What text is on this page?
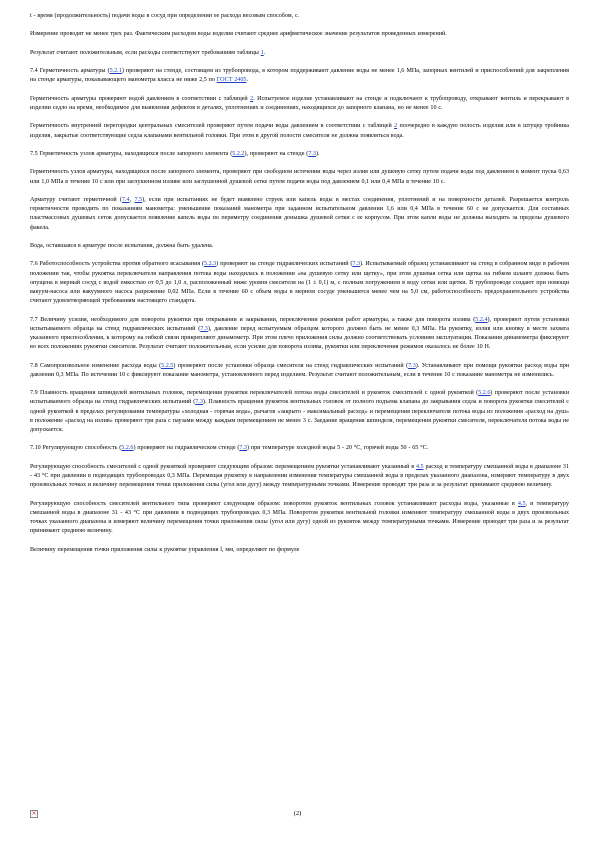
t - время (продолжительность) подачи воды в сосуд при определении ее расхода весовым способом, с.

Измерение проводят не менее трех раз. Фактическим расходом воды изделия считают среднее арифметическое значение результатов проведенных измерений.

Результат считают положительным, если расходы соответствуют требованиям таблицы 1.

7.4 Герметичность арматуры (5.2.1) проверяют на стенде, состоящем из трубопровода, в котором поддерживают давление воды не менее 1,6 МПа, запорных вентилей и приспособлений для закрепления на стенде арматуры, показывающего манометра класса не ниже 2,5 по ГОСТ 2405.

Герметичность арматуры проверяют водой давлением в соответствии с таблицей 2. Испытуемое изделие устанавливают на стенде и подключают к трубопроводу, открывают вентиль и перекрывают в изделии седло на время, необходимое для выявления дефектов в деталях, уплотнениях и соединениях, находящихся до запорного клапана, но не менее 10 с.

Герметичность внутренней перегородки центральных смесителей проверяют путем подачи воды давлением в соответствии с таблицей 2 поочередно в каждую полость изделия или в штуцер тройника изделия, закрытые соответствующие седла клапанами вентильной головки. При этом в другой полости смесителя не должна появляться вода.

7.5 Герметичность узлов арматуры, находящихся после запорного элемента (5.2.2), проверяют на стенде (7.3).

Герметичность узлов арматуры, находящихся после запорного элемента, проверяют при свободном истечении воды через излив или душевую сетку путем подачи воды под давлением в момент пуска 0,63 или 1,0 МПа в течение 10 с или при заглушенном изливе или заглушенной душевой сетке путем подачи воды под давлением 0,1 или 0,4 МПа в течение 10 с.

Арматуру считают герметичной (7.4, 7.5), если при испытаниях не будет выявлено струек или капель воды в местах соединения, уплотнений и на поверхности деталей. Разрешается контроль герметичности проводить по показаниям манометра: уменьшение показаний манометра при заданном испытательном давлении 1,6 или 0,4 МПа в течение 60 с не допускается. Для составных пластмассовых душевых сеток допускается появление капель воды по периметру соединения донышка душевой сетки с ее корпусом. При этом капли воды не должны выходить за пределы душевого факела.

Вода, оставшаяся в арматуре после испытания, должна быть удалена.

7.6 Работоспособность устройства против обратного всасывания (5.2.3) проверяют на стенде гидравлических испытаний (7.3). Испытываемый образец устанавливают на стенд в собранном виде в рабочем положении так, чтобы рукоятка переключателя направления потока воды находилась в положении «на душевую сетку или щетку», при этом душевая сетка или щетка на гибком шланге должна быть опущена в мерный сосуд с водой емкостью от 0,5 до 1,0 л, расположенный ниже уровня смесителя на (1 ± 0,1) м, с полным погружением в воду сетки или щетки. В трубопроводе создают при помощи вакуум-насоса или вакуумного насоса разрежение 0,02 МПа. Если в течение 60 с объем воды в мерном сосуде уменьшится менее чем на 5,0 см, работоспособность предохранительного устройства считают удовлетворяющей требованиям настоящего стандарта.

7.7 Величину усилия, необходимого для поворота рукоятки при открывании и закрывании, переключении режимов работ арматуры, а также для поворота излива (5.2.4), проверяют путем установки испытываемого образца на стенд гидравлических испытаний (7.3), давление перед испытуемым образцом которого должно быть не менее 0,3 МПа. На рукоятку, излив или кнопку в месте захвата указанного приспособления, к которому на гибкой связи прикрепляют динамометр. При этом плечо приложения силы должно соответствовать условиям эксплуатации. Показания динамометра фиксируют во всех положениях рукоятки смесителя. Результат считают положительным, если усилие для поворота излива, рукоятки или переключения режимов оказалось не более 10 Н.

7.8 Самопроизвольное изменение расхода воды (5.2.5) проверяют после установки образца смесителя на стенд гидравлических испытаний (7.3). Устанавливают при помощи рукоятки расход воды при давлении 0,3 МПа. По истечении 10 с фиксируют показание манометра, установленного перед изделием. Результат считают положительным, если в течение 10 с показание манометра не изменились.

7.9 Плавность вращения шпинделей вентильных головок, перемещения рукоятки переключателей потока воды смесителей и рукояток смесителей с одной рукояткой (5.2.6) проверяют после установки испытываемого образца на стенд гидравлических испытаний (7.3). Плавность вращения рукояток вентильных головок от полного подъема клапана до закрывания седла и поворота рукоятки смесителей с одной рукояткой в пределах регулирования температуры «холодная - горячая вода», рычагов «закрыто - максимальный расход» и перемещения переключателя потока воды из положения «расход на душ» в положение «расход на излив» проверяют три раза с паузами между каждым перемещением не менее 3 с. Заедание вращения шпинделя, перемещения рукоятки смесителя, переключателя потока воды не допускается.

7.10 Регулирующую способность (5.2.6) проверяют на гидравлическом стенде (7.3) при температуре холодной воды 5 - 20 °С, горячей воды 50 - 65 °С.

Регулирующую способность смесителей с одной рукояткой проверяют следующим образом: перемещением рукоятки устанавливают указанный в 4.5 расход и температуру смешанной воды в диапазоне 31 - 43 °С при давлении в подводящих трубопроводах 0,3 МПа. Перемещая рукоятку в направлении изменения температуры смешанной воды в пределах указанного диапазона, измеряют температуру в двух произвольных точках и величину перемещения точки приложения силы (угол или дугу) между температурными точками. Измерение проводят три раза и за результат принимают среднюю величину.

Регулирующую способность смесителей вентильного типа проверяют следующим образом: поворотом рукояток вентильных головок устанавливают расходы воды, указанные в 4.5, и температуру смешанной воды в диапазоне 31 - 43 °С при давлении в подводящих трубопроводах 0,3 МПа. Поворотом рукоятки вентильной головки изменяют температуру смешанной воды в двух произвольных точках указанного диапазона и измеряют величину перемещения точки приложения силы (угол или дугу) одной из рукояток между температурными точками. Измерение проводят три раза и за результат принимают среднюю величину.

Величину перемещения точки приложения силы к рукоятке управления l, мм, определяют по формуле

×	(2)
